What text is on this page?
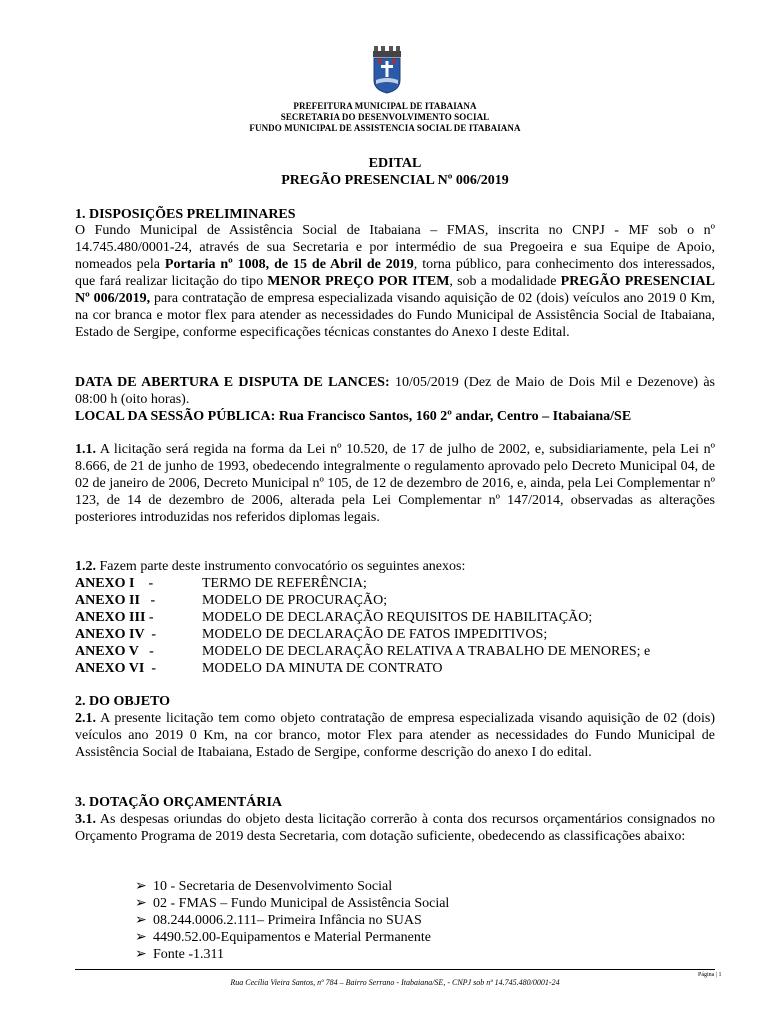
PREFEITURA MUNICIPAL DE ITABAIANA
SECRETARIA DO DESENVOLVIMENTO SOCIAL
FUNDO MUNICIPAL DE ASSISTENCIA SOCIAL DE ITABAIANA
EDITAL
PREGÃO PRESENCIAL Nº 006/2019
1. DISPOSIÇÕES PRELIMINARES

O Fundo Municipal de Assistência Social de Itabaiana – FMAS, inscrita no CNPJ - MF sob o nº 14.745.480/0001-24, através de sua Secretaria e por intermédio de sua Pregoeira e sua Equipe de Apoio, nomeados pela Portaria nº 1008, de 15 de Abril de 2019, torna público, para conhecimento dos interessados, que fará realizar licitação do tipo MENOR PREÇO POR ITEM, sob a modalidade PREGÃO PRESENCIAL Nº 006/2019, para contratação de empresa especializada visando aquisição de 02 (dois) veículos ano 2019 0 Km, na cor branca e motor flex para atender as necessidades do Fundo Municipal de Assistência Social de Itabaiana, Estado de Sergipe, conforme especificações técnicas constantes do Anexo I deste Edital.

DATA DE ABERTURA E DISPUTA DE LANCES: 10/05/2019 (Dez de Maio de Dois Mil e Dezenove) às 08:00 h (oito horas).

LOCAL DA SESSÃO PÚBLICA: Rua Francisco Santos, 160 2º andar, Centro – Itabaiana/SE

1.1. A licitação será regida na forma da Lei nº 10.520, de 17 de julho de 2002, e, subsidiariamente, pela Lei nº 8.666, de 21 de junho de 1993, obedecendo integralmente o regulamento aprovado pelo Decreto Municipal 04, de 02 de janeiro de 2006, Decreto Municipal nº 105, de 12 de dezembro de 2016, e, ainda, pela Lei Complementar nº 123, de 14 de dezembro de 2006, alterada pela Lei Complementar nº 147/2014, observadas as alterações posteriores introduzidas nos referidos diplomas legais.

1.2. Fazem parte deste instrumento convocatório os seguintes anexos:

ANEXO I    -	TERMO DE REFERÊNCIA;
ANEXO II   -	MODELO DE PROCURAÇÃO;
ANEXO III -	MODELO DE DECLARAÇÃO REQUISITOS DE HABILITAÇÃO;
ANEXO IV  -	MODELO DE DECLARAÇÃO DE FATOS IMPEDITIVOS;
ANEXO V   -	MODELO DE DECLARAÇÃO RELATIVA A TRABALHO DE MENORES; e
ANEXO VI  -	MODELO DA MINUTA DE CONTRATO
2. DO OBJETO

2.1. A presente licitação tem como objeto contratação de empresa especializada visando aquisição de 02 (dois) veículos ano 2019 0 Km, na cor branco, motor Flex para atender as necessidades do Fundo Municipal de Assistência Social de Itabaiana, Estado de Sergipe, conforme descrição do anexo I do edital.

3. DOTAÇÃO ORÇAMENTÁRIA

3.1. As despesas oriundas do objeto desta licitação correrão à conta dos recursos orçamentários consignados no Orçamento Programa de 2019 desta Secretaria, com dotação suficiente, obedecendo as classificações abaixo:

➢ 10 - Secretaria de Desenvolvimento Social
➢ 02 - FMAS – Fundo Municipal de Assistência Social
➢ 08.244.0006.2.111– Primeira Infância no SUAS
➢ 4490.52.00-Equipamentos e Material Permanente
➢ Fonte -1.311
Página | 1
Rua Cecília Vieira Santos, nº 784 – Bairro Serrano - Itabaiana/SE, - CNPJ sob nº 14.745.480/0001-24
